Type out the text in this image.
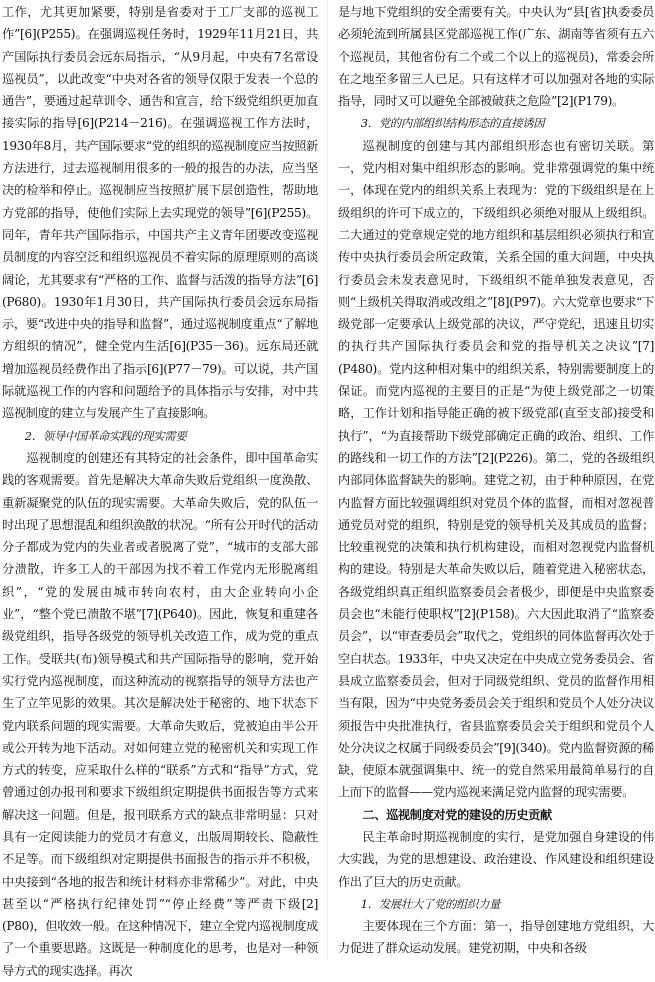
工作，尤其更加紧要，特别是省委对于工厂支部的巡视工作”[6](P255)。在强调巡视任务时，1929年11月21日，共产国际执行委员会远东局指示，“从9月起，中央有7名常设巡视员”，以此改变“中央对各省的领导仅限于发表一个总的通告”，要通过起草训令、通告和宣言，给下级党组织更加直接实际的指导[6](P214－216)。在强调巡视工作方法时，1930年8月，共产国际要求“党的组织的巡视制度应当按照新方法进行，过去巡视制用很多的一般的报告的办法，应当坚决的检举和停止。巡视制应当按照扩展下层创造性，帮助地方党部的指导，使他们实际上去实现党的领导”[6](P255)。同年，青年共产国际指示，中国共产主义青年团要改变巡视员制度的内容空泛和组织巡视员不着实际的原理原则的高谈阔论，尤其要求有“严格的工作、监督与活泼的指导方法”[6](P680)。1930年1月30日，共产国际执行委员会远东局指示，要“改进中央的指导和监督”，通过巡视制度重点“了解地方组织的情况”，健全党内生活[6](P35－36)。远东局还就增加巡视员经费作出了指示[6](P77－79)。可以说，共产国际就巡视工作的内容和问题给予的具体指示与安排，对中共巡视制度的建立与发展产生了直接影响。

2．领导中国革命实践的现实需要

巡视制度的创建还有其特定的社会条件，即中国革命实践的客观需要。首先是解决大革命失败后党组织一度涣散、重新凝聚党的队伍的现实需要。大革命失败后，党的队伍一时出现了思想混乱和组织涣散的状况。“所有公开时代的活动分子都成为党内的失业者或者脱离了党”，“城市的支部大部分溃散，许多工人的干部因为找不着工作党内无形脱离组织”，“党的发展由城市转向农村，由大企业转向小企业”，“整个党已溃散不堪”[7](P640)。因此，恢复和重建各级党组织，指导各级党的领导机关改造工作，成为党的重点工作。受联共(布)领导模式和共产国际指导的影响，党开始实行党内巡视制度，而这种流动的视察指导的领导方法也产生了立竿见影的效果。其次是解决处于秘密的、地下状态下党内联系问题的现实需要。大革命失败后，党被迫由半公开或公开转为地下活动。对如何建立党的秘密机关和实现工作方式的转变，应采取什么样的“联系”方式和“指导”方式，党曾通过创办报刊和要求下级组织定期提供书面报告等方式来解决这一问题。但是，报刊联系方式的缺点非常明显：只对具有一定阅读能力的党员才有意义，出版周期较长、隐蔽性不足等。而下级组织对定期提供书面报告的指示并不积极，中央接到“各地的报告和统计材料亦非常稀少”。对此，中央甚至以“严格执行纪律处罚”“停止经费”等严责下级[2](P80)，但收效一般。在这种情况下，建立全党内巡视制度成了一个重要思路。这既是一种制度化的思考，也是对一种领导方式的现实选择。再次

是与地下党组织的安全需要有关。中央认为“县[省]执委委员必须轮流到所属县区党部巡视工作(广东、湖南等省须有五六个巡视员，其他省份有二个或二个以上的巡视员)，常委会所在之地至多留三人已足。只有这样才可以加强对各地的实际指导，同时又可以避免全部被破获之危险”[2](P179)。

3．党的内部组织结构形态的直接诱因

巡视制度的创建与其内部组织形态也有密切关联。第一，党内相对集中组织形态的影响。党非常强调党的集中统一，体现在党内的组织关系上表现为：党的下级组织是在上级组织的许可下成立的，下级组织必须绝对服从上级组织。二大通过的党章规定党的地方组织和基层组织必须执行和宣传中央执行委员会所定政策，关系全国的重大问题，中央执行委员会未发表意见时，下级组织不能单独发表意见，否则“上级机关得取消或改组之”[8](P97)。六大党章也要求“下级党部一定要承认上级党部的决议，严守党纪，迅速且切实的执行共产国际执行委员会和党的指导机关之决议”[7](P480)。党内这种相对集中的组织关系，特别需要制度上的保证。而党内巡视的主要目的正是“为使上级党部之一切策略，工作计划和指导能正确的被下级党部(直至支部)接受和执行”，“为直接帮助下级党部确定正确的政治、组织、工作的路线和一切工作的方法”[2](P226)。第二，党的各级组织内部同体监督缺失的影响。建党之初，由于种种原因，在党内监督方面比较强调组织对党员个体的监督，而相对忽视普通党员对党的组织，特别是党的领导机关及其成员的监督；比较重视党的决策和执行机构建设，而相对忽视党内监督机构的建设。特别是大革命失败以后，随着党进入秘密状态，各级党组织真正组织监察委员会者极少，即便是中央监察委员会也“未能行使职权”[2](P158)。六大因此取消了“监察委员会”，以“审查委员会”取代之，党组织的同体监督再次处于空白状态。1933年，中央又决定在中央成立党务委员会、省县成立监察委员会，但对于同级党组织、党员的监督作用相当有限，因为“中央党务委员会关于组织和党员个人处分决议须报告中央批准执行，省县监察委员会关于组织和党员个人处分决议之权属于同级委员会”[9](340)。党内监督资源的稀缺，使原本就强调集中、统一的党自然采用最简单易行的自上而下的监督——党内巡视来满足党内监督的现实需要。

二、巡视制度对党的建设的历史贡献

民主革命时期巡视制度的实行，是党加强自身建设的伟大实践，为党的思想建设、政治建设、作风建设和组织建设作出了巨大的历史贡献。

1．发展壮大了党的组织力量

主要体现在三个方面：第一，指导创建地方党组织，大力促进了群众运动发展。建党初期，中央和各级
